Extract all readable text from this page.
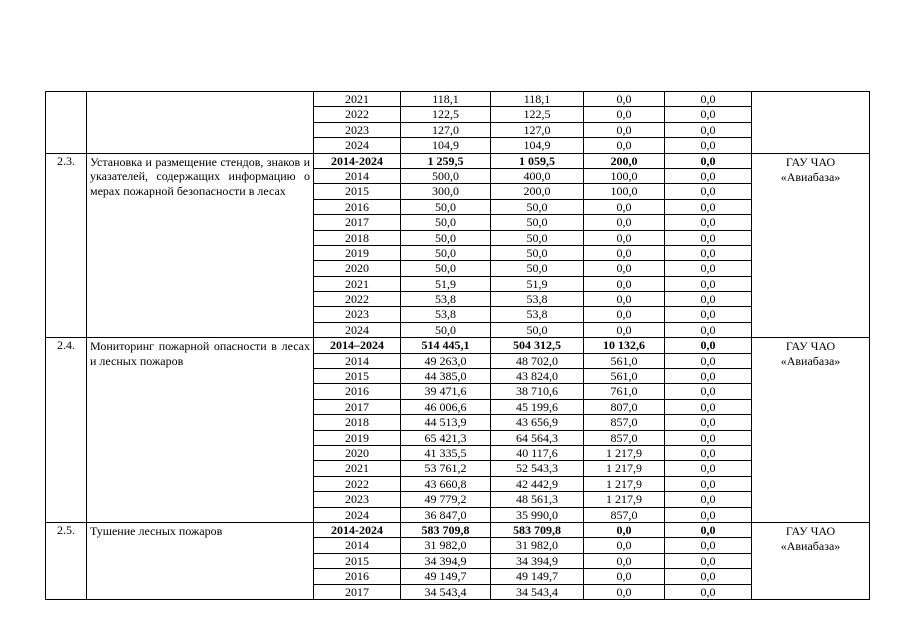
		2021	118,1	118,1	0,0	0,0	
		2022	122,5	122,5	0,0	0,0	
		2023	127,0	127,0	0,0	0,0	
		2024	104,9	104,9	0,0	0,0	
2.3.	Установка и размещение стендов, знаков и указателей, содержащих информацию о мерах пожарной безопасности в лесах	2014-2024	1 259,5	1 059,5	200,0	0,0	ГАУ ЧАО «Авиабаза»
		2014	500,0	400,0	100,0	0,0	
		2015	300,0	200,0	100,0	0,0	
		2016	50,0	50,0	0,0	0,0	
		2017	50,0	50,0	0,0	0,0	
		2018	50,0	50,0	0,0	0,0	
		2019	50,0	50,0	0,0	0,0	
		2020	50,0	50,0	0,0	0,0	
		2021	51,9	51,9	0,0	0,0	
		2022	53,8	53,8	0,0	0,0	
		2023	53,8	53,8	0,0	0,0	
		2024	50,0	50,0	0,0	0,0	
2.4.	Мониторинг пожарной опасности в лесах и лесных пожаров	2014–2024	514 445,1	504 312,5	10 132,6	0,0	ГАУ ЧАО «Авиабаза»
		2014	49 263,0	48 702,0	561,0	0,0	
		2015	44 385,0	43 824,0	561,0	0,0	
		2016	39 471,6	38 710,6	761,0	0,0	
		2017	46 006,6	45 199,6	807,0	0,0	
		2018	44 513,9	43 656,9	857,0	0,0	
		2019	65 421,3	64 564,3	857,0	0,0	
		2020	41 335,5	40 117,6	1 217,9	0,0	
		2021	53 761,2	52 543,3	1 217,9	0,0	
		2022	43 660,8	42 442,9	1 217,9	0,0	
		2023	49 779,2	48 561,3	1 217,9	0,0	
		2024	36 847,0	35 990,0	857,0	0,0	
2.5.	Тушение лесных пожаров	2014-2024	583 709,8	583 709,8	0,0	0,0	ГАУ ЧАО «Авиабаза»
		2014	31 982,0	31 982,0	0,0	0,0	
		2015	34 394,9	34 394,9	0,0	0,0	
		2016	49 149,7	49 149,7	0,0	0,0	
		2017	34 543,4	34 543,4	0,0	0,0	
